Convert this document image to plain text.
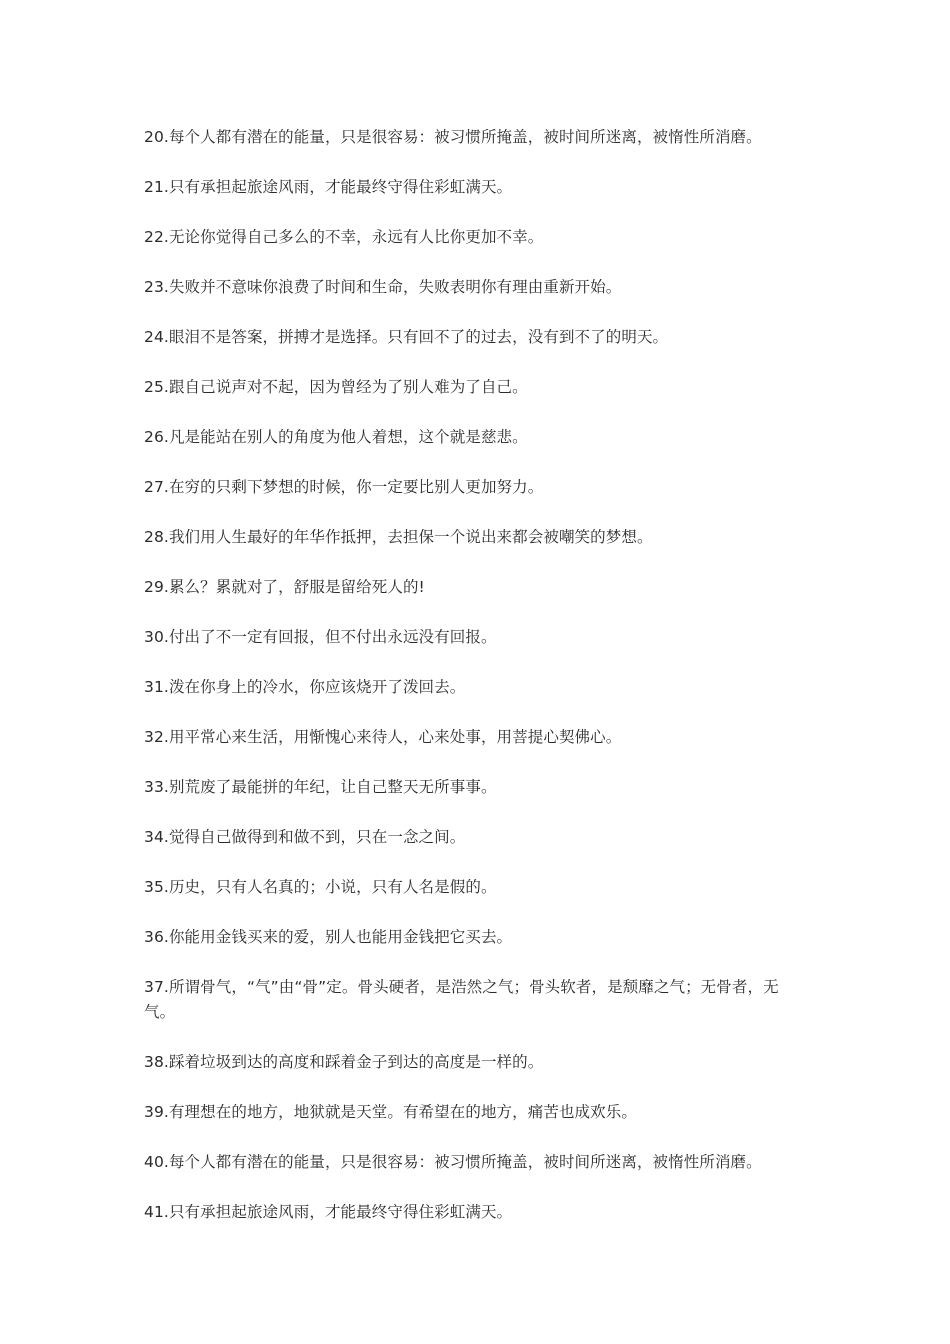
20.每个人都有潜在的能量，只是很容易：被习惯所掩盖，被时间所迷离，被惰性所消磨。
21.只有承担起旅途风雨，才能最终守得住彩虹满天。
22.无论你觉得自己多么的不幸，永远有人比你更加不幸。
23.失败并不意味你浪费了时间和生命，失败表明你有理由重新开始。
24.眼泪不是答案，拼搏才是选择。只有回不了的过去，没有到不了的明天。
25.跟自己说声对不起，因为曾经为了别人难为了自己。
26.凡是能站在别人的角度为他人着想，这个就是慈悲。
27.在穷的只剩下梦想的时候，你一定要比别人更加努力。
28.我们用人生最好的年华作抵押，去担保一个说出来都会被嘲笑的梦想。
29.累么？累就对了，舒服是留给死人的!
30.付出了不一定有回报，但不付出永远没有回报。
31.泼在你身上的冷水，你应该烧开了泼回去。
32.用平常心来生活，用惭愧心来待人，心来处事，用菩提心契佛心。
33.别荒废了最能拼的年纪，让自己整天无所事事。
34.觉得自己做得到和做不到，只在一念之间。
35.历史，只有人名真的；小说，只有人名是假的。
36.你能用金钱买来的爱，别人也能用金钱把它买去。
37.所谓骨气，“气”由“骨”定。骨头硬者，是浩然之气；骨头软者，是颓靡之气；无骨者，无气。
38.踩着垃圾到达的高度和踩着金子到达的高度是一样的。
39.有理想在的地方，地狱就是天堂。有希望在的地方，痛苦也成欢乐。
40.每个人都有潜在的能量，只是很容易：被习惯所掩盖，被时间所迷离，被惰性所消磨。
41.只有承担起旅途风雨，才能最终守得住彩虹满天。
